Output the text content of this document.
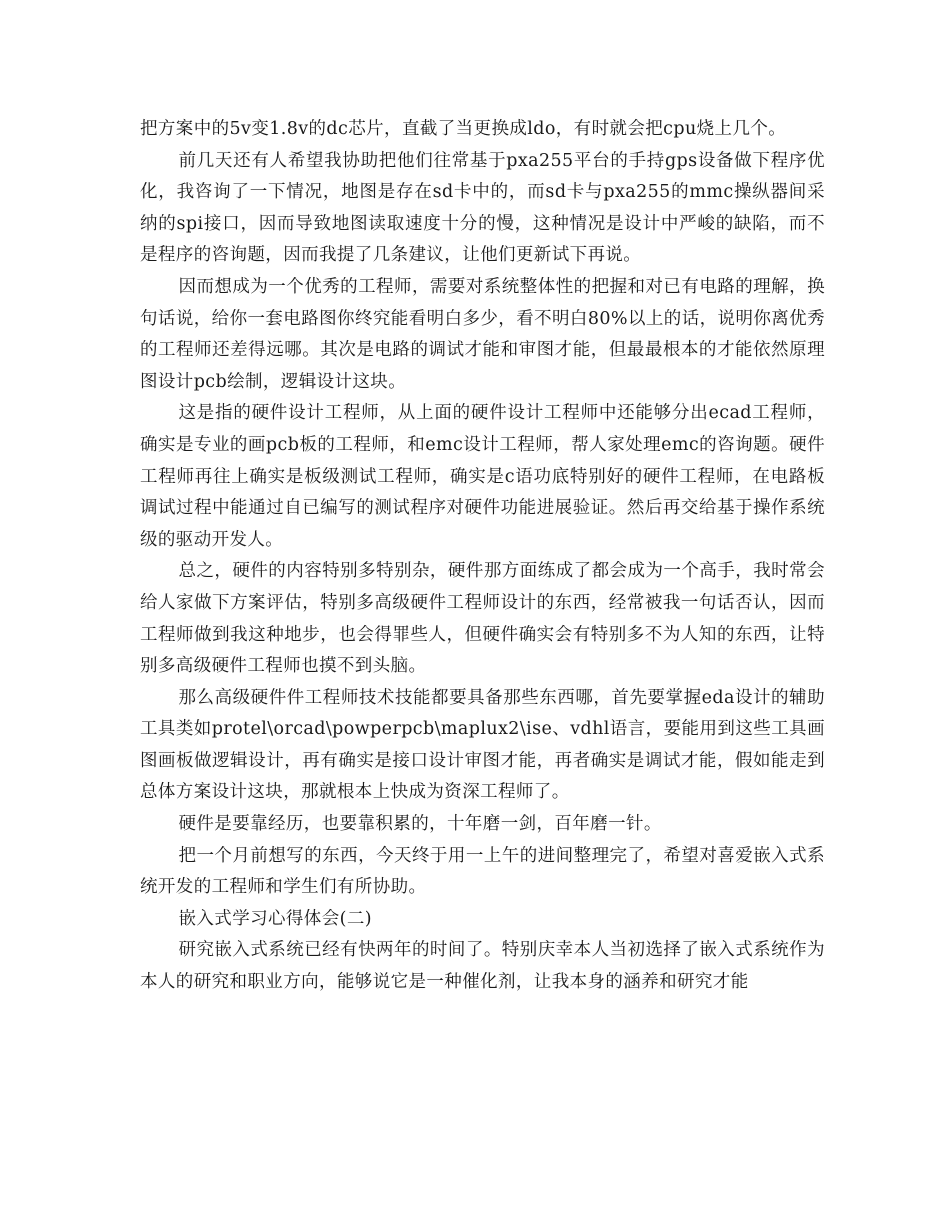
把方案中的5v变1.8v的dc芯片，直截了当更换成ldo，有时就会把cpu烧上几个。

前几天还有人希望我协助把他们往常基于pxa255平台的手持gps设备做下程序优化，我咨询了一下情况，地图是存在sd卡中的，而sd卡与pxa255的mmc操纵器间采纳的spi接口，因而导致地图读取速度十分的慢，这种情况是设计中严峻的缺陷，而不是程序的咨询题，因而我提了几条建议，让他们更新试下再说。

因而想成为一个优秀的工程师，需要对系统整体性的把握和对已有电路的理解，换句话说，给你一套电路图你终究能看明白多少，看不明白80%以上的话，说明你离优秀的工程师还差得远哪。其次是电路的调试才能和审图才能，但最最根本的才能依然原理图设计pcb绘制，逻辑设计这块。

这是指的硬件设计工程师，从上面的硬件设计工程师中还能够分出ecad工程师，确实是专业的画pcb板的工程师，和emc设计工程师，帮人家处理emc的咨询题。硬件工程师再往上确实是板级测试工程师，确实是c语功底特别好的硬件工程师，在电路板调试过程中能通过自已编写的测试程序对硬件功能进展验证。然后再交给基于操作系统级的驱动开发人。

总之，硬件的内容特别多特别杂，硬件那方面练成了都会成为一个高手，我时常会给人家做下方案评估，特别多高级硬件工程师设计的东西，经常被我一句话否认，因而工程师做到我这种地步，也会得罪些人，但硬件确实会有特别多不为人知的东西，让特别多高级硬件工程师也摸不到头脑。

那么高级硬件件工程师技术技能都要具备那些东西哪，首先要掌握eda设计的辅助工具类如protel\orcad\powperpcb\maplux2\ise、vdhl语言，要能用到这些工具画图画板做逻辑设计，再有确实是接口设计审图才能，再者确实是调试才能，假如能走到总体方案设计这块，那就根本上快成为资深工程师了。

硬件是要靠经历，也要靠积累的，十年磨一剑，百年磨一针。

把一个月前想写的东西，今天终于用一上午的进间整理完了，希望对喜爱嵌入式系统开发的工程师和学生们有所协助。

嵌入式学习心得体会(二)

研究嵌入式系统已经有快两年的时间了。特别庆幸本人当初选择了嵌入式系统作为本人的研究和职业方向，能够说它是一种催化剂，让我本身的涵养和研究才能
